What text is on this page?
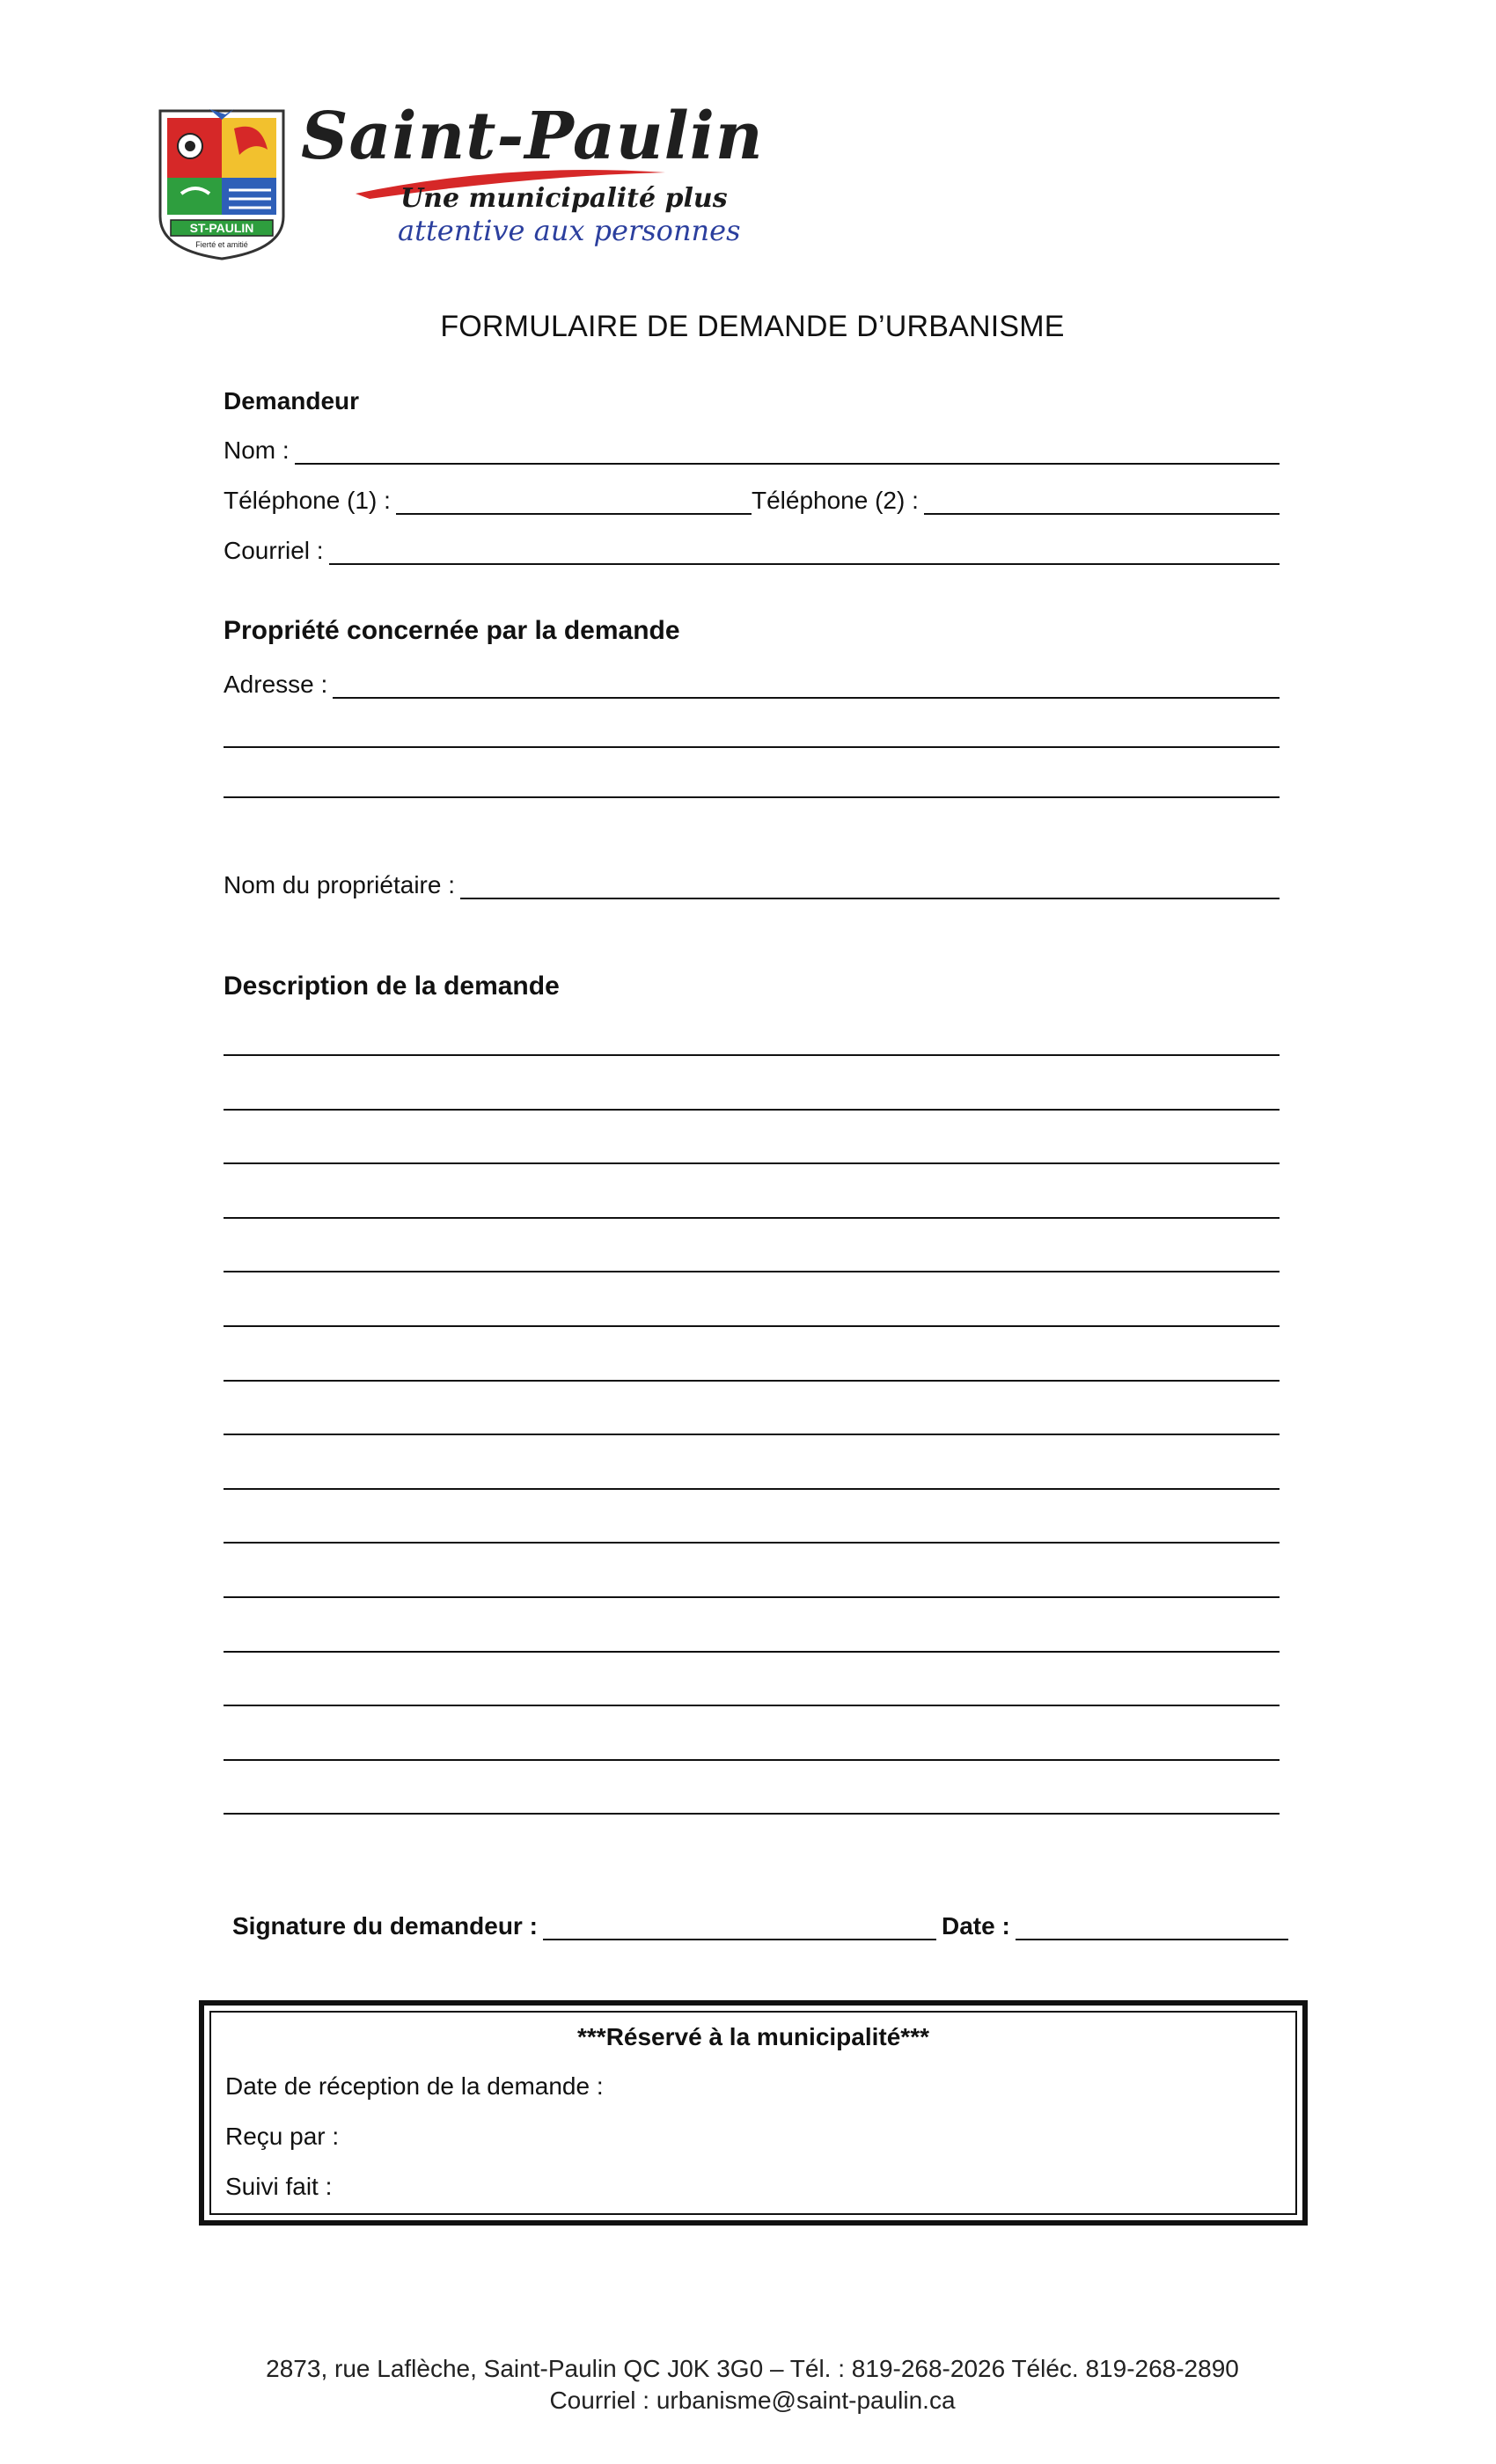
ST-PAULIN
Fierté et amitié
Saint-Paulin
Une municipalité plus
attentive aux personnes
FORMULAIRE DE DEMANDE D’URBANISME
Demandeur
Nom :
Téléphone (1) :	Téléphone (2) :
Courriel :
Propriété concernée par la demande
Adresse :
Nom du propriétaire :
Description de la demande
Signature du demandeur :	Date :
***Réservé à la municipalité***
Date de réception de la demande :
Reçu par :
Suivi fait :
2873, rue Laflèche, Saint-Paulin QC J0K 3G0 – Tél. : 819-268-2026 Téléc. 819-268-2890
Courriel : urbanisme@saint-paulin.ca
